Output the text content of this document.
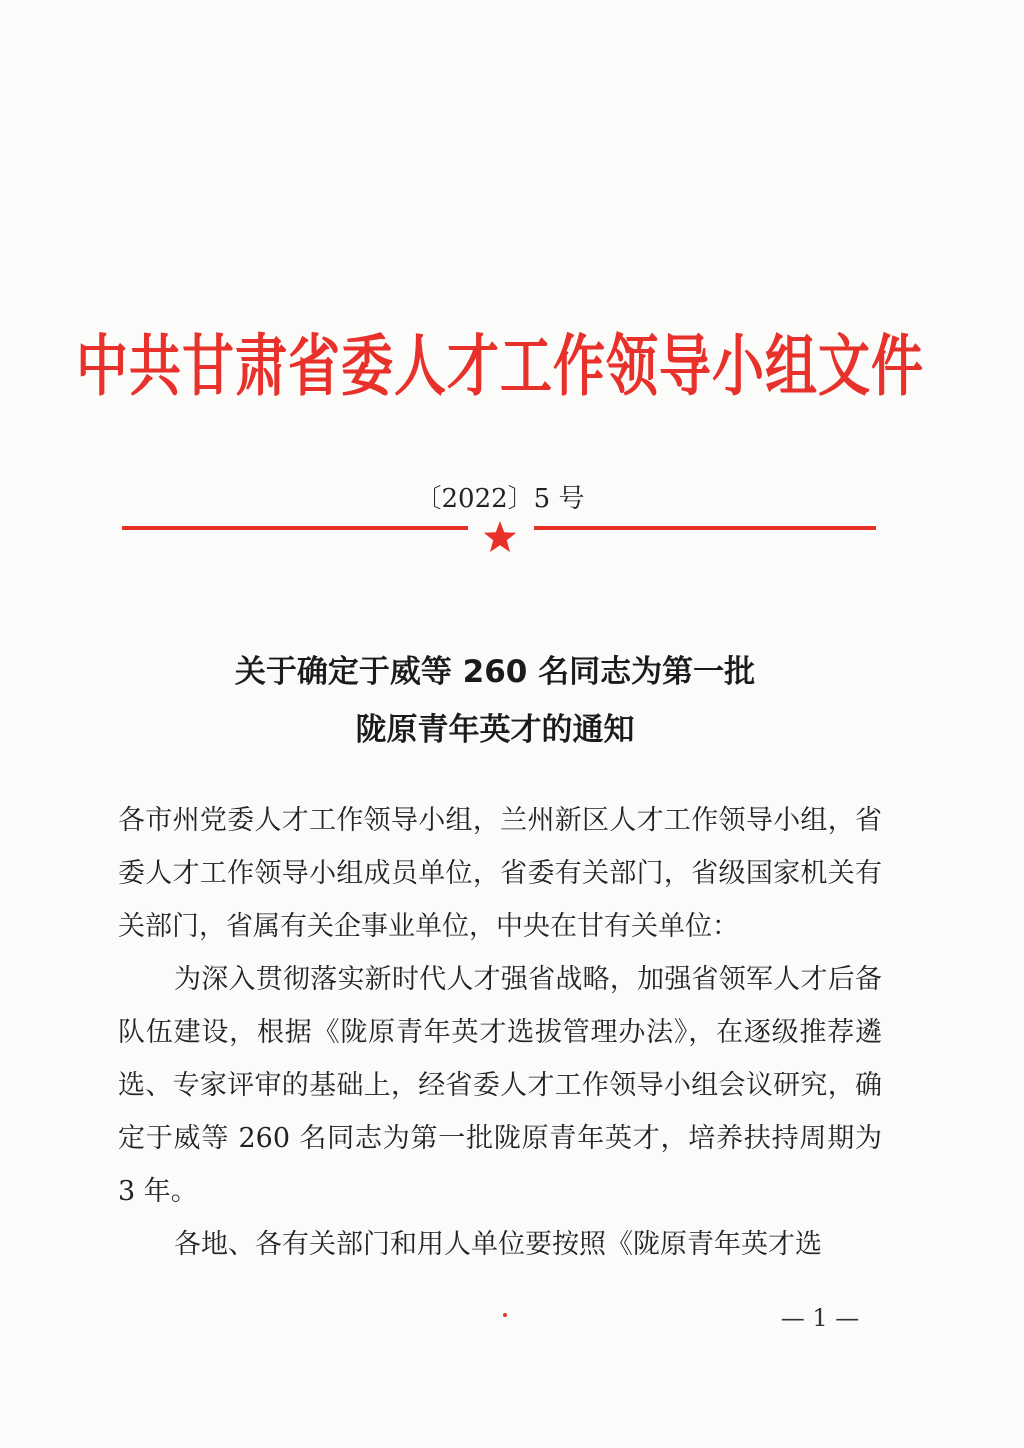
中共甘肃省委人才工作领导小组文件
〔2022〕5 号
关于确定于威等 260 名同志为第一批
陇原青年英才的通知

各市州党委人才工作领导小组，兰州新区人才工作领导小组，省委人才工作领导小组成员单位，省委有关部门，省级国家机关有关部门，省属有关企事业单位，中央在甘有关单位：

为深入贯彻落实新时代人才强省战略，加强省领军人才后备队伍建设，根据《陇原青年英才选拔管理办法》，在逐级推荐遴选、专家评审的基础上，经省委人才工作领导小组会议研究，确定于威等 260 名同志为第一批陇原青年英才，培养扶持周期为 3 年。

各地、各有关部门和用人单位要按照《陇原青年英才选

— 1 —
